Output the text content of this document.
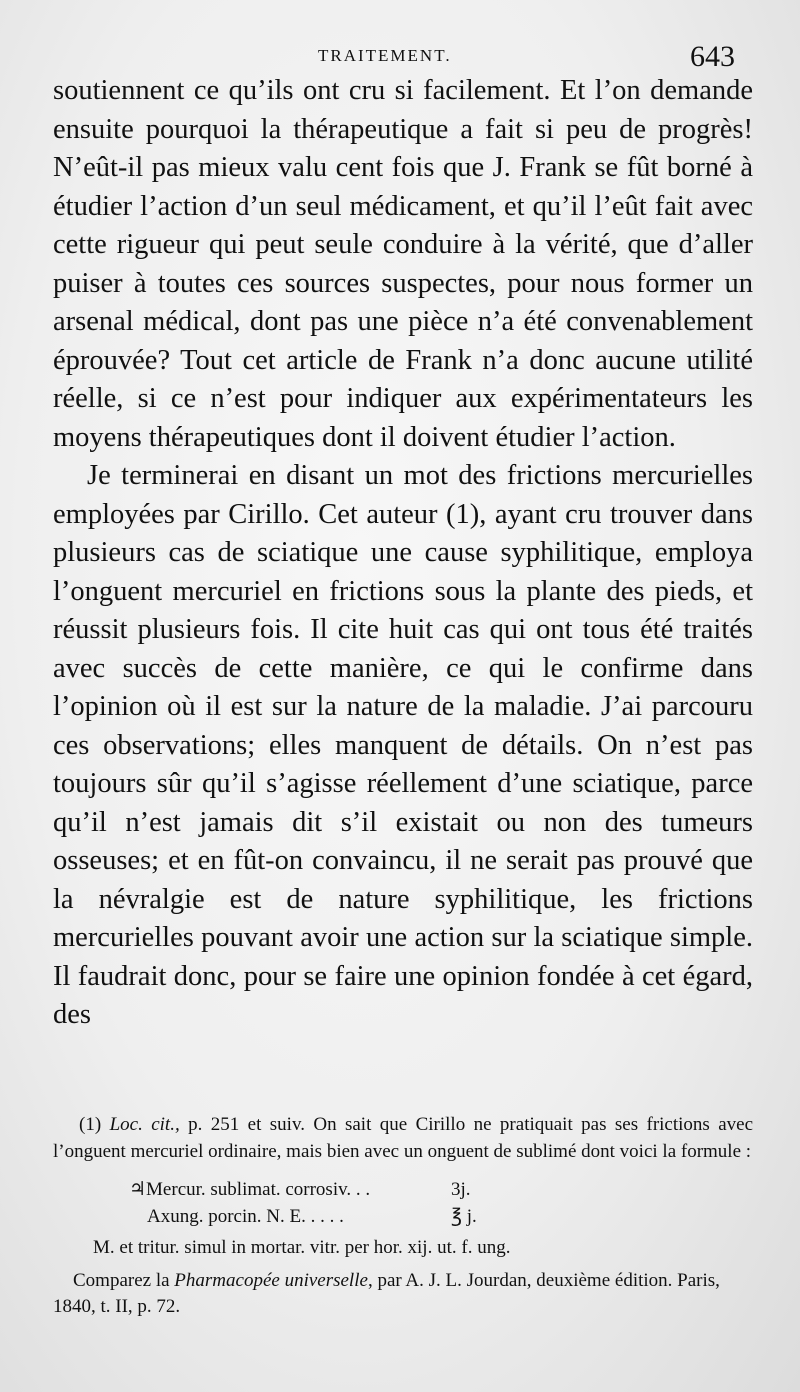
TRAITEMENT.	643

soutiennent ce qu’ils ont cru si facilement. Et l’on demande ensuite pourquoi la thérapeutique a fait si peu de progrès! N’eût-il pas mieux valu cent fois que J. Frank se fût borné à étudier l’action d’un seul médicament, et qu’il l’eût fait avec cette rigueur qui peut seule conduire à la vérité, que d’aller puiser à toutes ces sources suspectes, pour nous former un arsenal médical, dont pas une pièce n’a été convenablement éprouvée? Tout cet article de Frank n’a donc aucune utilité réelle, si ce n’est pour indiquer aux expérimentateurs les moyens thérapeutiques dont il doivent étudier l’action.

Je terminerai en disant un mot des frictions mercurielles employées par Cirillo. Cet auteur (1), ayant cru trouver dans plusieurs cas de sciatique une cause syphilitique, employa l’onguent mercuriel en frictions sous la plante des pieds, et réussit plusieurs fois. Il cite huit cas qui ont tous été traités avec succès de cette manière, ce qui le confirme dans l’opinion où il est sur la nature de la maladie. J’ai parcouru ces observations; elles manquent de détails. On n’est pas toujours sûr qu’il s’agisse réellement d’une sciatique, parce qu’il n’est jamais dit s’il existait ou non des tumeurs osseuses; et en fût-on convaincu, il ne serait pas prouvé que la névralgie est de nature syphilitique, les frictions mercurielles pouvant avoir une action sur la sciatique simple. Il faudrait donc, pour se faire une opinion fondée à cet égard, des

(1) Loc. cit., p. 251 et suiv. On sait que Cirillo ne pratiquait pas ses frictions avec l’onguent mercuriel ordinaire, mais bien avec un onguent de sublimé dont voici la formule :

♃Mercur. sublimat. corrosiv. . .	3j.
Axung. porcin. N. E. . . . .	℥ j.

M. et tritur. simul in mortar. vitr. per hor. xij. ut. f. ung.

Comparez la Pharmacopée universelle, par A. J. L. Jourdan, deuxième édition. Paris, 1840, t. II, p. 72.
